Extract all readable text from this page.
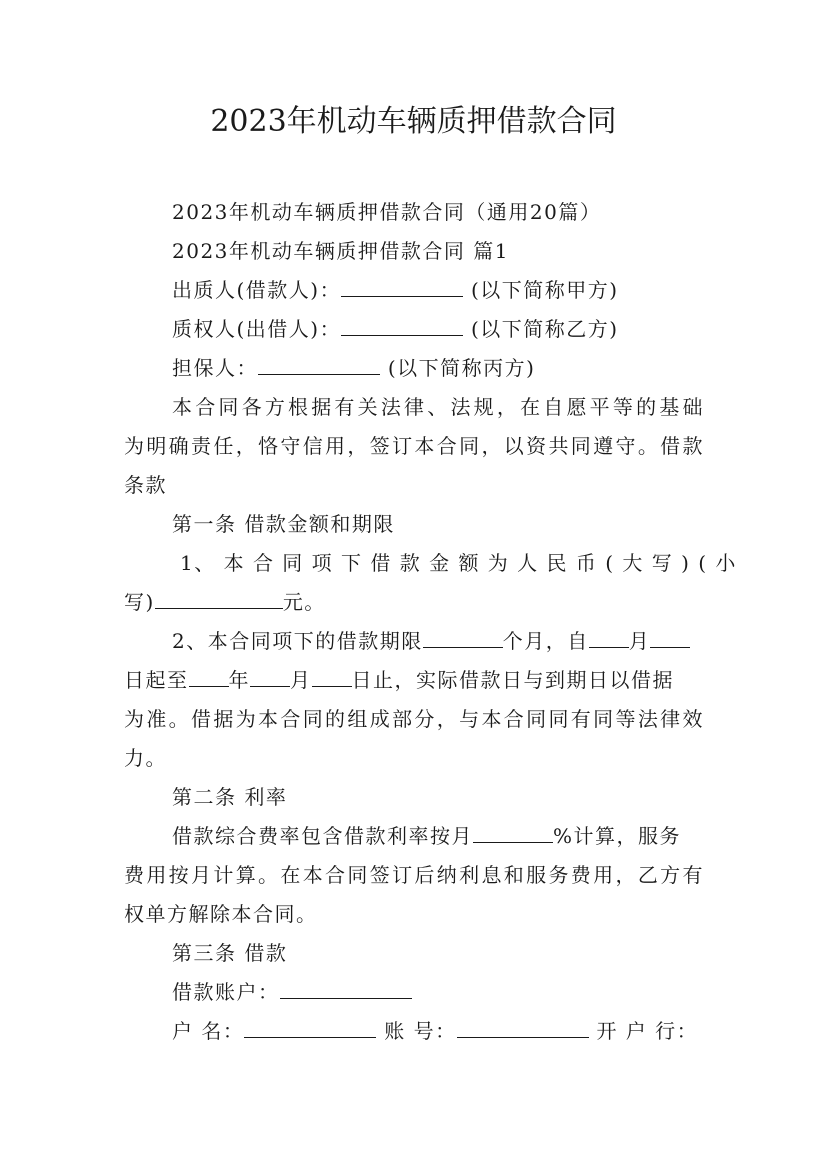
2023年机动车辆质押借款合同
2023年机动车辆质押借款合同（通用20篇）
2023年机动车辆质押借款合同 篇1
出质人(借款人)：	(以下简称甲方)
质权人(出借人)：	(以下简称乙方)
担保人：	(以下简称丙方)
本合同各方根据有关法律、法规，在自愿平等的基础
为明确责任，恪守信用，签订本合同，以资共同遵守。借款
条款
第一条 借款金额和期限
1、 本 合 同 项 下 借 款 金 额 为 人 民 币 ( 大 写 ) ( 小
写)	元。
2、本合同项下的借款期限	个月，自 月
日起至 年 月 日止，实际借款日与到期日以借据
为准。借据为本合同的组成部分，与本合同同有同等法律效
力。
第二条 利率
借款综合费率包含借款利率按月	%计算，服务
费用按月计算。在本合同签订后纳利息和服务费用，乙方有
权单方解除本合同。
第三条 借款
借款账户：
户 名：	账 号：	开 户 行：
